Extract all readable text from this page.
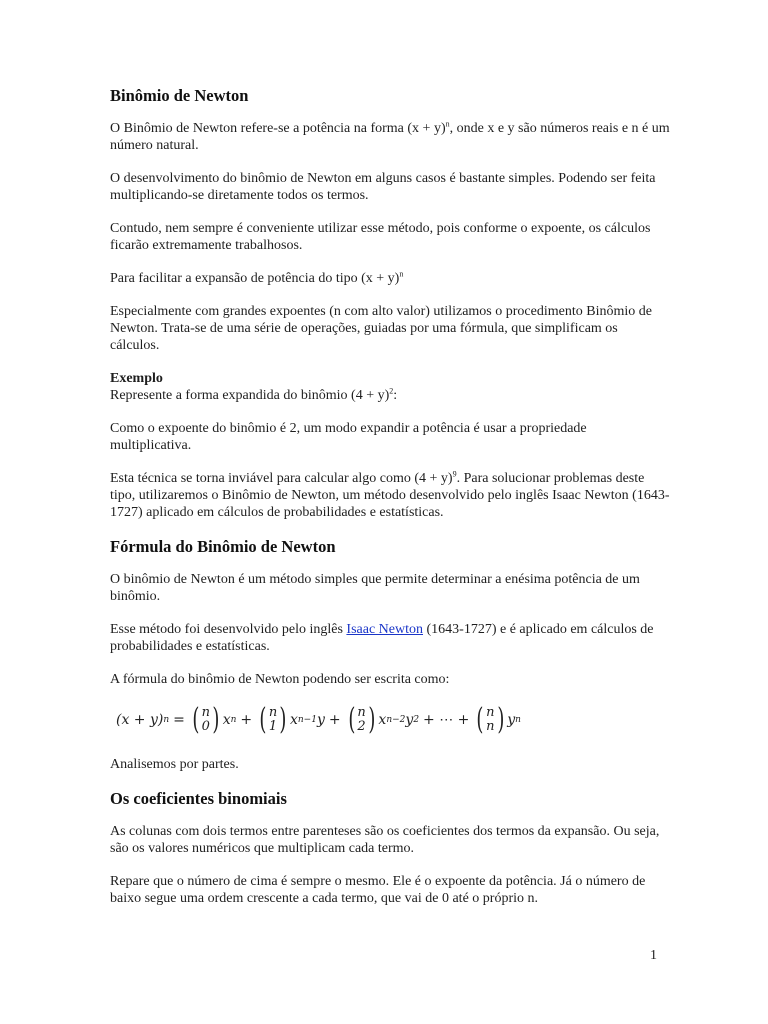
Binômio de Newton

O Binômio de Newton refere-se a potência na forma $(x + y)^n$, onde x e y são números reais e n é um número natural.

O desenvolvimento do binômio de Newton em alguns casos é bastante simples. Podendo ser feita multiplicando-se diretamente todos os termos.

Contudo, nem sempre é conveniente utilizar esse método, pois conforme o expoente, os cálculos ficarão extremamente trabalhosos.

Para facilitar a expansão de potência do tipo $(x + y)^n$

Especialmente com grandes expoentes (n com alto valor) utilizamos o procedimento Binômio de Newton. Trata-se de uma série de operações, guiadas por uma fórmula, que simplificam os cálculos.

Exemplo

Represente a forma expandida do binômio $(4 + y)^2$:

Como o expoente do binômio é 2, um modo expandir a potência é usar a propriedade multiplicativa.

Esta técnica se torna inviável para calcular algo como $(4 + y)^9$. Para solucionar problemas deste tipo, utilizaremos o Binômio de Newton, um método desenvolvido pelo inglês Isaac Newton (1643-1727) aplicado em cálculos de probabilidades e estatísticas.

Fórmula do Binômio de Newton

O binômio de Newton é um método simples que permite determinar a enésima potência de um binômio.

Esse método foi desenvolvido pelo inglês Isaac Newton (1643-1727) e é aplicado em cálculos de probabilidades e estatísticas.

A fórmula do binômio de Newton podendo ser escrita como:

(x + y) n = ( n
0 ) x n + ( n
1 ) x n−1 y + ( n
2 ) x n−2 y 2 + ⋯ + ( n
n ) y n

Analisemos por partes.

Os coeficientes binomiais

As colunas com dois termos entre parenteses são os coeficientes dos termos da expansão. Ou seja, são os valores numéricos que multiplicam cada termo.

Repare que o número de cima é sempre o mesmo. Ele é o expoente da potência. Já o número de baixo segue uma ordem crescente a cada termo, que vai de 0 até o próprio n.

1
